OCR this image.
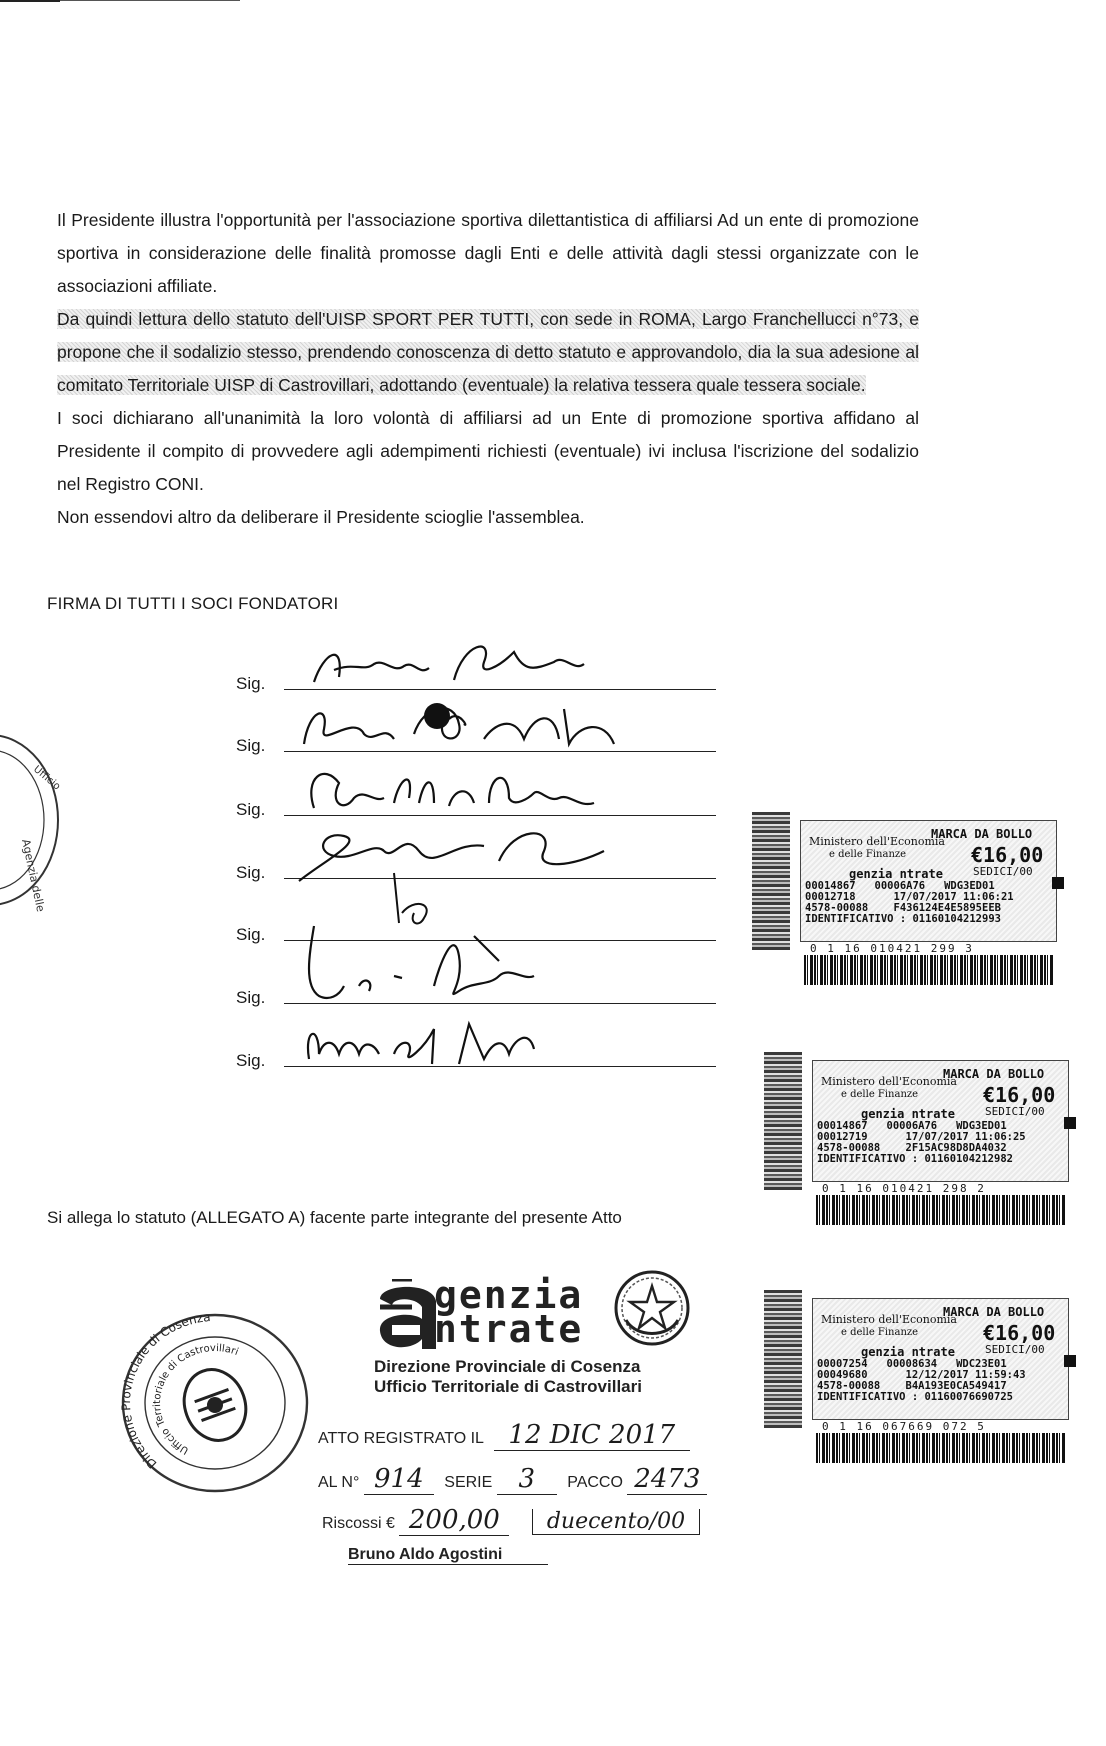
Il Presidente illustra l'opportunità per l'associazione sportiva dilettantistica di affiliarsi Ad un ente di promozione sportiva in considerazione delle finalità promosse dagli Enti e delle attività dagli stessi organizzate con le associazioni affiliate.

Da quindi lettura dello statuto dell'UISP SPORT PER TUTTI, con sede in ROMA, Largo Franchellucci n°73, e propone che il sodalizio stesso, prendendo conoscenza di detto statuto e approvandolo, dia la sua adesione al comitato Territoriale UISP di Castrovillari, adottando (eventuale) la relativa tessera quale tessera sociale.

I soci dichiarano all'unanimità la loro volontà di affiliarsi ad un Ente di promozione sportiva affidano al Presidente il compito di provvedere agli adempimenti richiesti (eventuale) ivi inclusa l'iscrizione del sodalizio nel Registro CONI.

Non essendovi altro da deliberare il Presidente scioglie l'assemblea.

FIRMA DI TUTTI I SOCI FONDATORI
Sig.
Sig.
Sig.
Sig.
Sig.
Sig.
Sig.
Si allega lo statuto (ALLEGATO A) facente parte integrante del presente Atto
Agenzia delle
Ufficio
Direzione Provinciale di Cosenza
Ufficio Territoriale di Castrovillari
genzia
ntrate
Direzione Provinciale di Cosenza
Ufficio Territoriale di Castrovillari
ATTO REGISTRATO IL 12 DIC 2017
AL N° 914 SERIE 3 PACCO 2473
Riscossi € 200,00 duecento/00
Bruno Aldo Agostini
Ministero dell'Economia
e delle Finanze
MARCA DA BOLLO
€16,00
SEDICI/00
genzia ntrate
00014867   00006A76   WDG3ED01
00012718      17/07/2017 11:06:21
4578-00088    F436124E4E5895EEB
IDENTIFICATIVO : 01160104212993
0 1 16 010421 299 3
Ministero dell'Economia
e delle Finanze
MARCA DA BOLLO
€16,00
SEDICI/00
genzia ntrate
00014867   00006A76   WDG3ED01
00012719      17/07/2017 11:06:25
4578-00088    2F15AC98D8DA4032
IDENTIFICATIVO : 01160104212982
0 1 16 010421 298 2
Ministero dell'Economia
e delle Finanze
MARCA DA BOLLO
€16,00
SEDICI/00
genzia ntrate
00007254   00008634   WDC23E01
00049680      12/12/2017 11:59:43
4578-00088    B4A193E0CA549417
IDENTIFICATIVO : 01160076690725
0 1 16 067669 072 5
